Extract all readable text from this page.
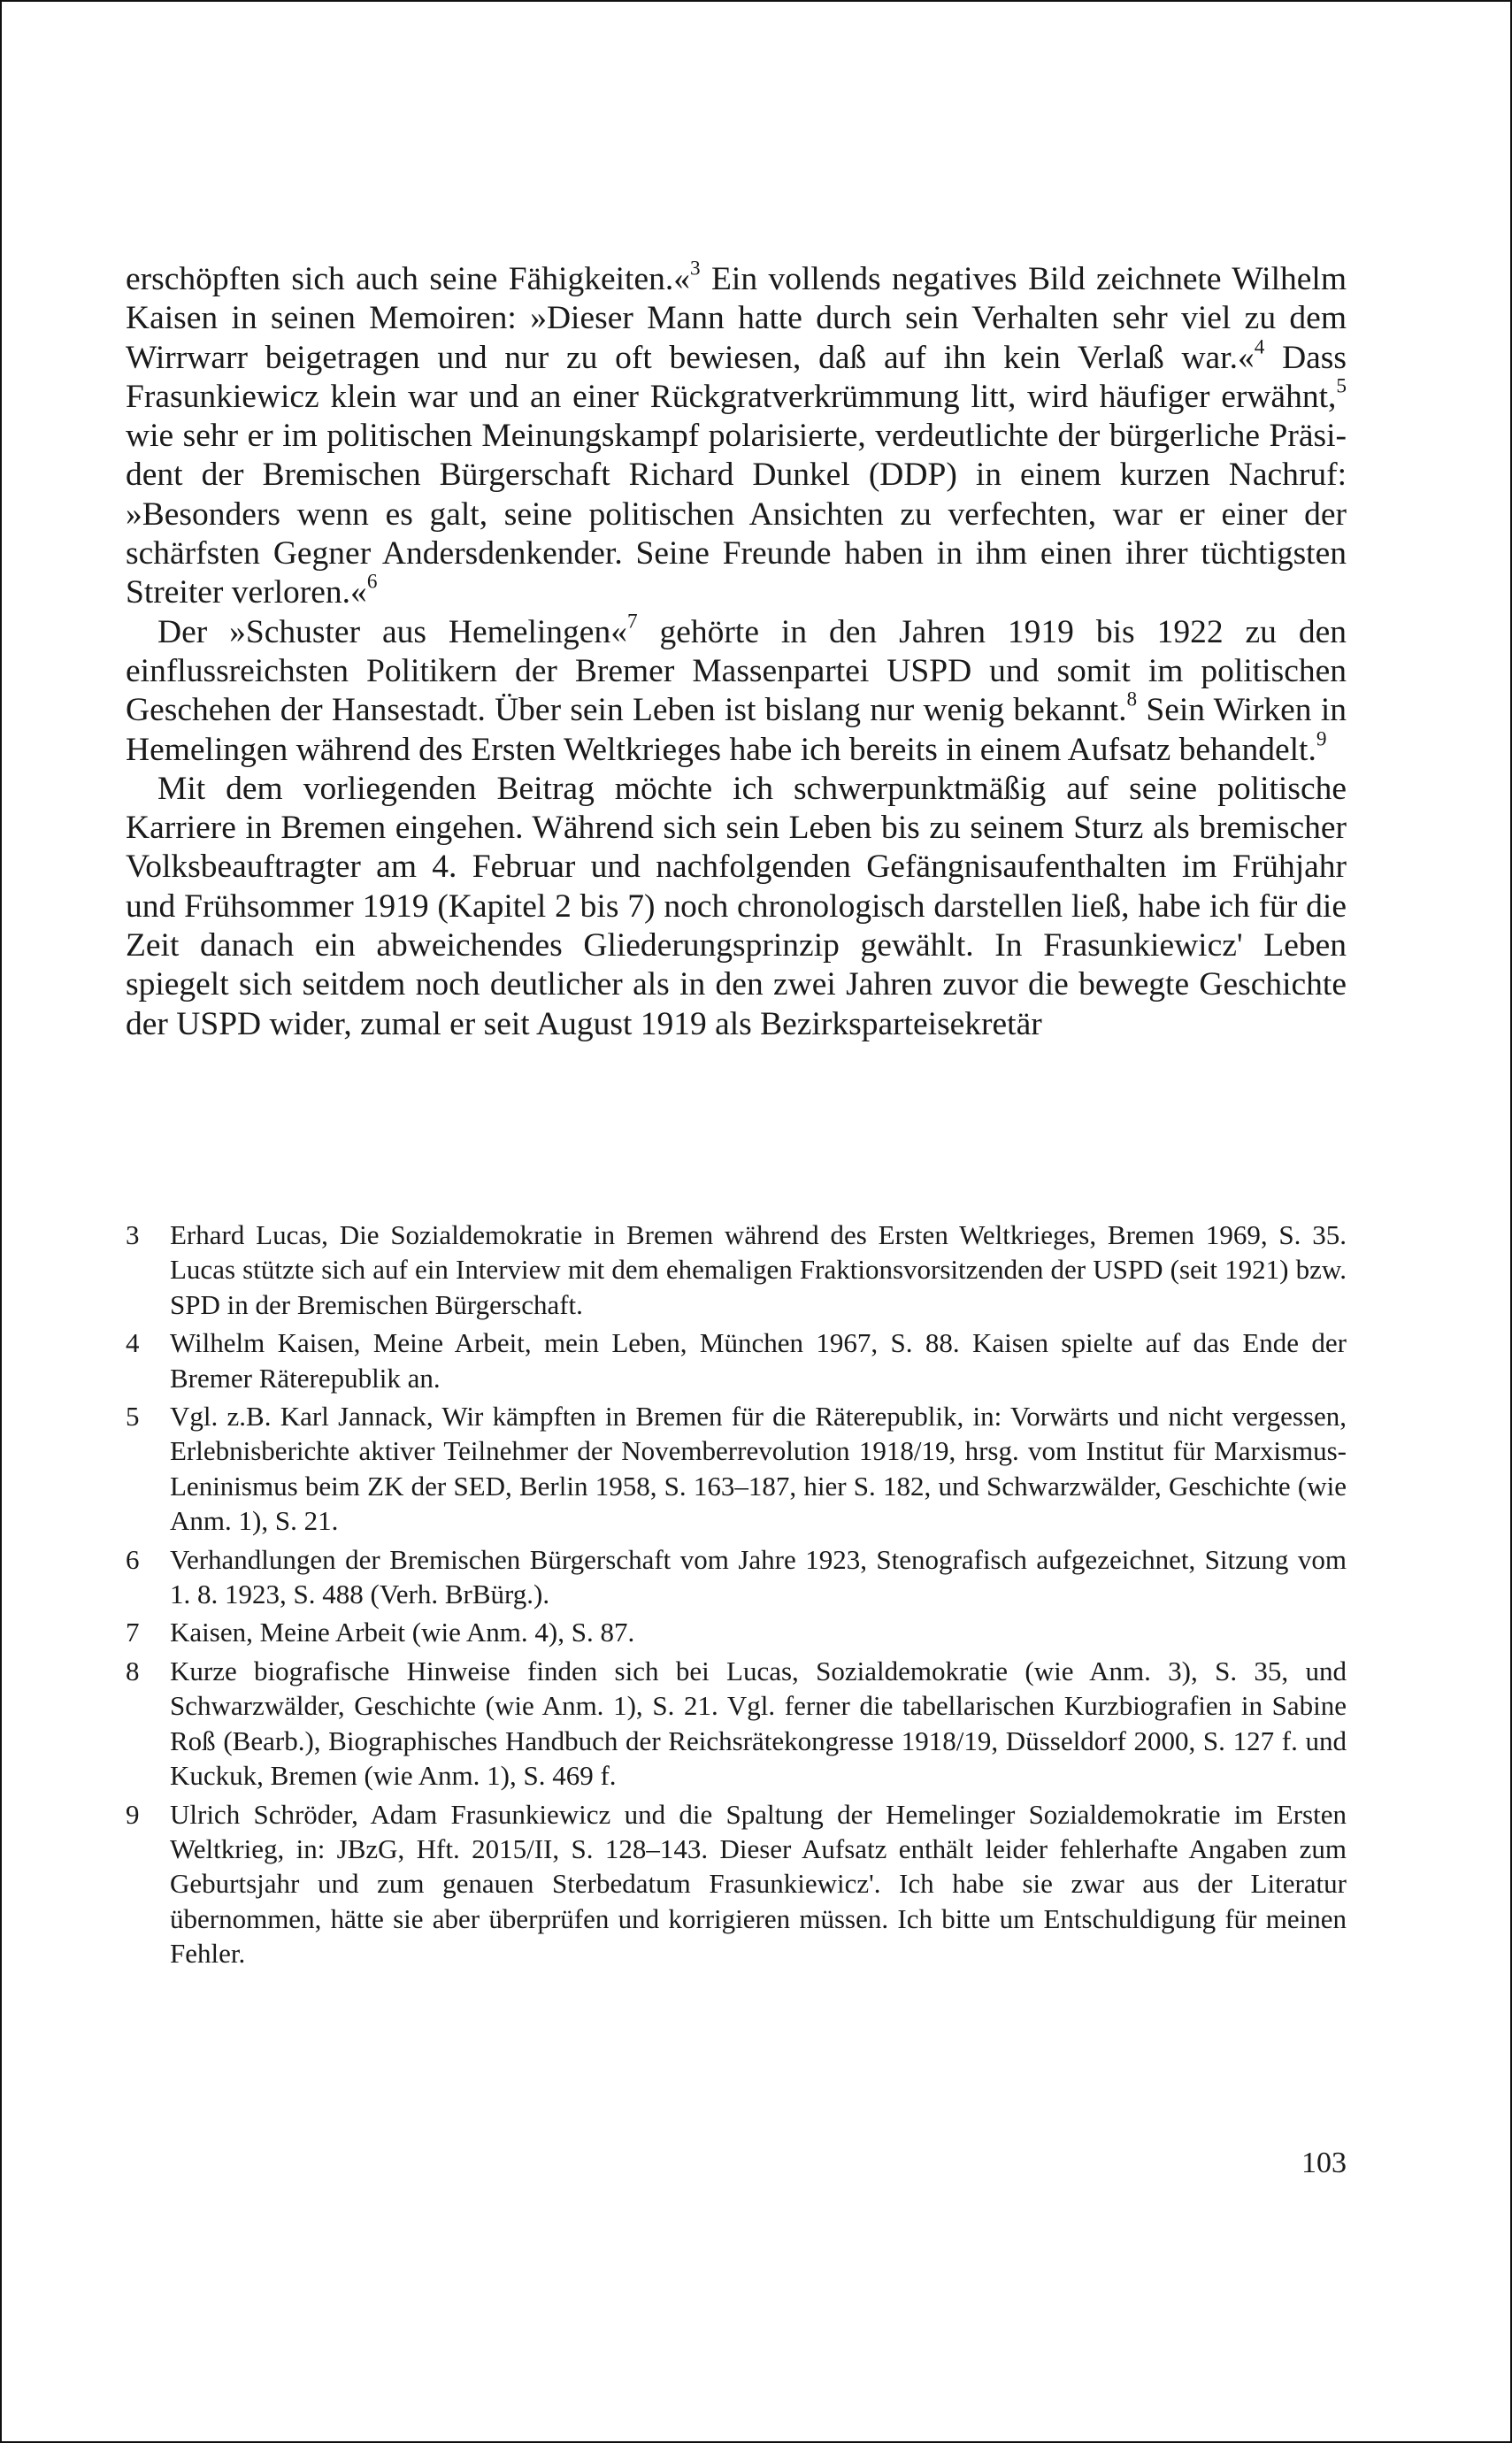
erschöpften sich auch seine Fähigkeiten.«$^3$ Ein vollends negatives Bild zeichnete Wilhelm Kaisen in seinen Memoiren: »Dieser Mann hatte durch sein Verhalten sehr viel zu dem Wirrwarr beigetragen und nur zu oft bewiesen, daß auf ihn kein Verlaß war.«$^4$ Dass Frasunkiewicz klein war und an einer Rückgratverkrümmung litt, wird häufiger erwähnt,$^5$ wie sehr er im politischen Meinungskampf polarisierte, verdeutlichte der bürgerliche Präsident der Bremischen Bürgerschaft Richard Dunkel (DDP) in einem kurzen Nachruf: »Besonders wenn es galt, seine politischen Ansichten zu verfechten, war er einer der schärfsten Gegner Andersdenkender. Seine Freunde haben in ihm einen ihrer tüchtigsten Streiter verloren.«$^6$

Der »Schuster aus Hemelingen«$^7$ gehörte in den Jahren 1919 bis 1922 zu den einflussreichsten Politikern der Bremer Massenpartei USPD und somit im politischen Geschehen der Hansestadt. Über sein Leben ist bislang nur wenig bekannt.$^8$ Sein Wirken in Hemelingen während des Ersten Weltkrieges habe ich bereits in einem Aufsatz behandelt.$^9$

Mit dem vorliegenden Beitrag möchte ich schwerpunktmäßig auf seine politische Karriere in Bremen eingehen. Während sich sein Leben bis zu seinem Sturz als bremischer Volksbeauftragter am 4. Februar und nachfolgenden Gefängnisaufenthalten im Frühjahr und Frühsommer 1919 (Kapitel 2 bis 7) noch chronologisch darstellen ließ, habe ich für die Zeit danach ein abweichendes Gliederungsprinzip gewählt. In Frasunkiewicz' Leben spiegelt sich seitdem noch deutlicher als in den zwei Jahren zuvor die bewegte Geschichte der USPD wider, zumal er seit August 1919 als Bezirksparteisekretär

3	Erhard Lucas, Die Sozialdemokratie in Bremen während des Ersten Weltkrieges, Bremen 1969, S. 35. Lucas stützte sich auf ein Interview mit dem ehemaligen Fraktionsvorsitzenden der USPD (seit 1921) bzw. SPD in der Bremischen Bürgerschaft.
4	Wilhelm Kaisen, Meine Arbeit, mein Leben, München 1967, S. 88. Kaisen spielte auf das Ende der Bremer Räterepublik an.
5	Vgl. z.B. Karl Jannack, Wir kämpften in Bremen für die Räterepublik, in: Vorwärts und nicht vergessen, Erlebnisberichte aktiver Teilnehmer der Novemberrevolution 1918/19, hrsg. vom Institut für Marxismus- Leninismus beim ZK der SED, Berlin 1958, S. 163–187, hier S. 182, und Schwarzwälder, Geschichte (wie Anm. 1), S. 21.
6	Verhandlungen der Bremischen Bürgerschaft vom Jahre 1923, Stenografisch aufgezeichnet, Sitzung vom 1. 8. 1923, S. 488 (Verh. BrBürg.).
7	Kaisen, Meine Arbeit (wie Anm. 4), S. 87.
8	Kurze biografische Hinweise finden sich bei Lucas, Sozialdemokratie (wie Anm. 3), S. 35, und Schwarzwälder, Geschichte (wie Anm. 1), S. 21. Vgl. ferner die tabellarischen Kurzbiografien in Sabine Roß (Bearb.), Biographisches Handbuch der Reichsrätekongresse 1918/19, Düsseldorf 2000, S. 127 f. und Kuckuk, Bremen (wie Anm. 1), S. 469 f.
9	Ulrich Schröder, Adam Frasunkiewicz und die Spaltung der Hemelinger Sozialdemokratie im Ersten Weltkrieg, in: JBzG, Hft. 2015/II, S. 128–143. Dieser Aufsatz enthält leider fehlerhafte Angaben zum Geburtsjahr und zum genauen Sterbedatum Frasunkiewicz'. Ich habe sie zwar aus der Literatur übernommen, hätte sie aber überprüfen und korrigieren müssen. Ich bitte um Entschuldigung für meinen Fehler.
103
